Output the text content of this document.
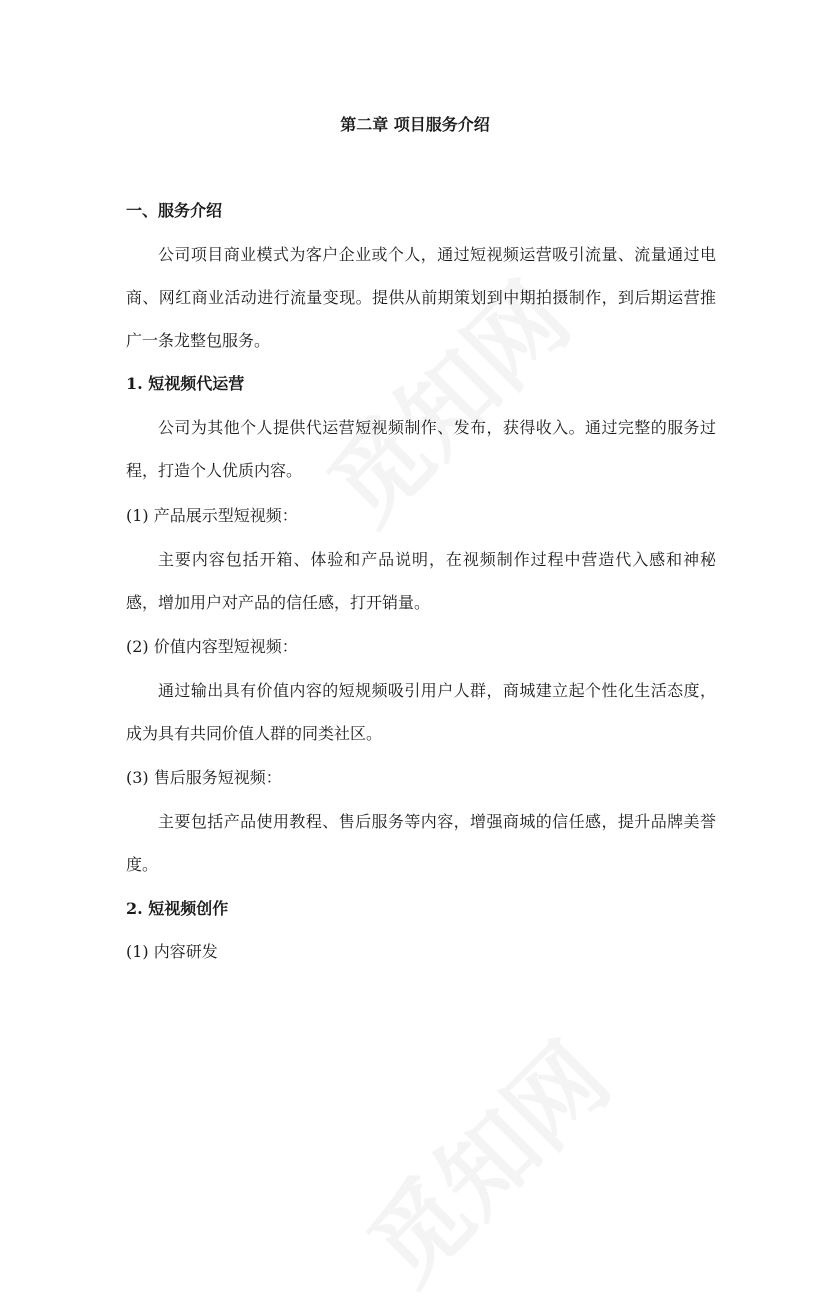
第二章 项目服务介绍
一、服务介绍
公司项目商业模式为客户企业或个人，通过短视频运营吸引流量、流量通过电商、网红商业活动进行流量变现。提供从前期策划到中期拍摄制作，到后期运营推广一条龙整包服务。
1. 短视频代运营
公司为其他个人提供代运营短视频制作、发布，获得收入。通过完整的服务过程，打造个人优质内容。
(1) 产品展示型短视频：
主要内容包括开箱、体验和产品说明，在视频制作过程中营造代入感和神秘感，增加用户对产品的信任感，打开销量。
(2) 价值内容型短视频：
通过输出具有价值内容的短规频吸引用户人群，商城建立起个性化生活态度，成为具有共同价值人群的同类社区。
(3) 售后服务短视频：
主要包括产品使用教程、售后服务等内容，增强商城的信任感，提升品牌美誉度。
2. 短视频创作
(1) 内容研发
